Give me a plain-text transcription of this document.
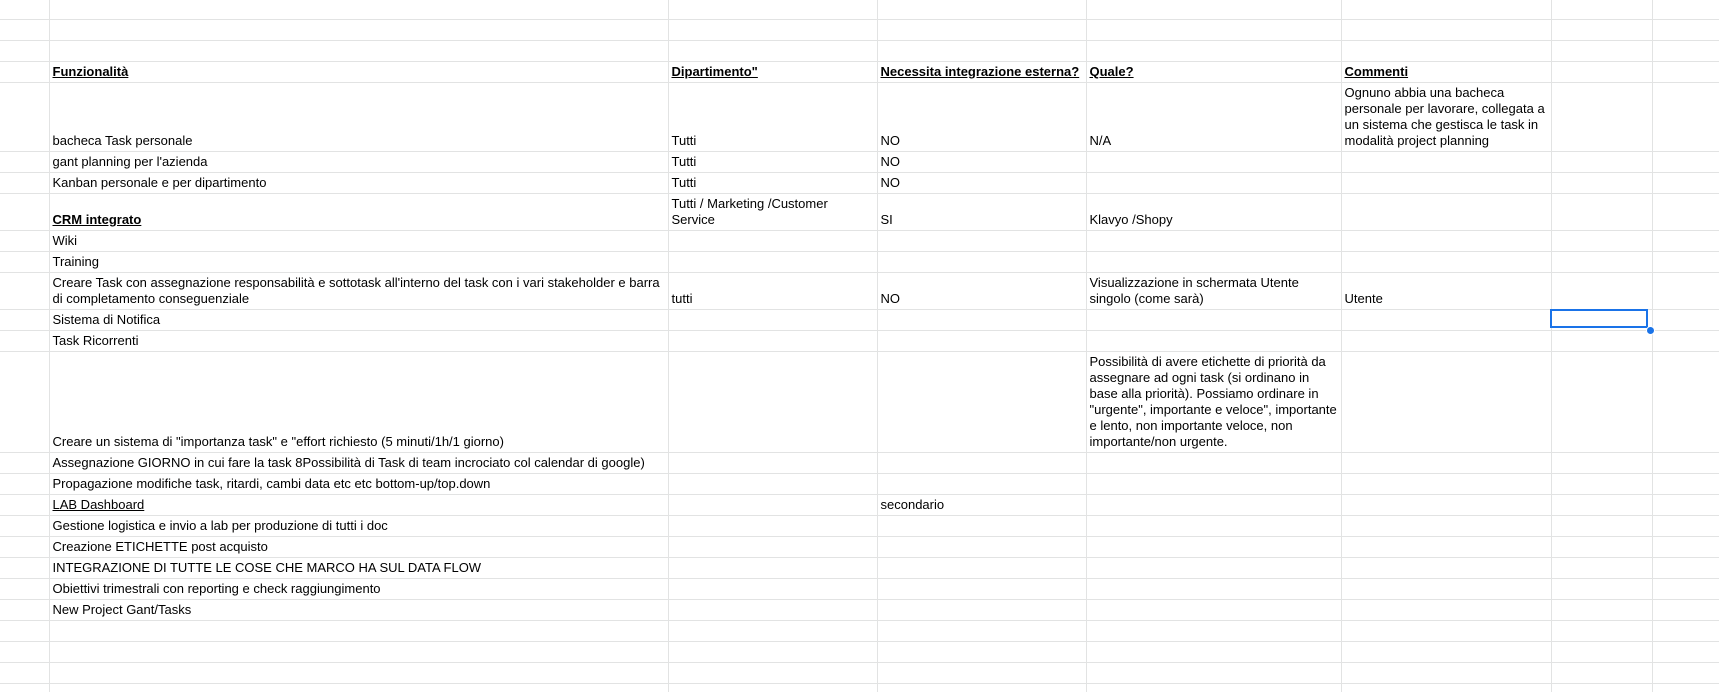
	Funzionalità	Dipartimento"	Necessita integrazione esterna?	Quale?	Commenti		
	bacheca Task personale	Tutti	NO	N/A	Ognuno abbia una bacheca personale per lavorare, collegata a un sistema che gestisca le task in modalità project planning		
	gant planning per l'azienda	Tutti	NO				
	Kanban personale e per dipartimento	Tutti	NO				
	CRM integrato	Tutti / Marketing /Customer Service	SI	Klavyo /Shopy			
	Wiki						
	Training						
	Creare Task con assegnazione responsabilità e sottotask all'interno del task con i vari stakeholder e barra di completamento conseguenziale	tutti	NO	Visualizzazione in schermata Utente singolo (come sarà)	Utente		
	Sistema di Notifica						
	Task Ricorrenti						
	Creare un sistema di "importanza task" e "effort richiesto (5 minuti/1h/1 giorno)			Possibilità di avere etichette di priorità da assegnare ad ogni task (si ordinano in base alla priorità). Possiamo ordinare in "urgente", importante e veloce", importante e lento, non importante veloce, non importante/non urgente.			
	Assegnazione GIORNO in cui fare la task 8Possibilità di Task di team incrociato col calendar di google)						
	Propagazione modifiche task, ritardi, cambi data etc etc bottom-up/top.down						
	LAB Dashboard		secondario				
	Gestione logistica e invio a lab per produzione di tutti i doc						
	Creazione ETICHETTE post acquisto						
	INTEGRAZIONE DI TUTTE LE COSE CHE MARCO HA SUL DATA FLOW						
	Obiettivi trimestrali con reporting e check raggiungimento						
	New Project Gant/Tasks						
